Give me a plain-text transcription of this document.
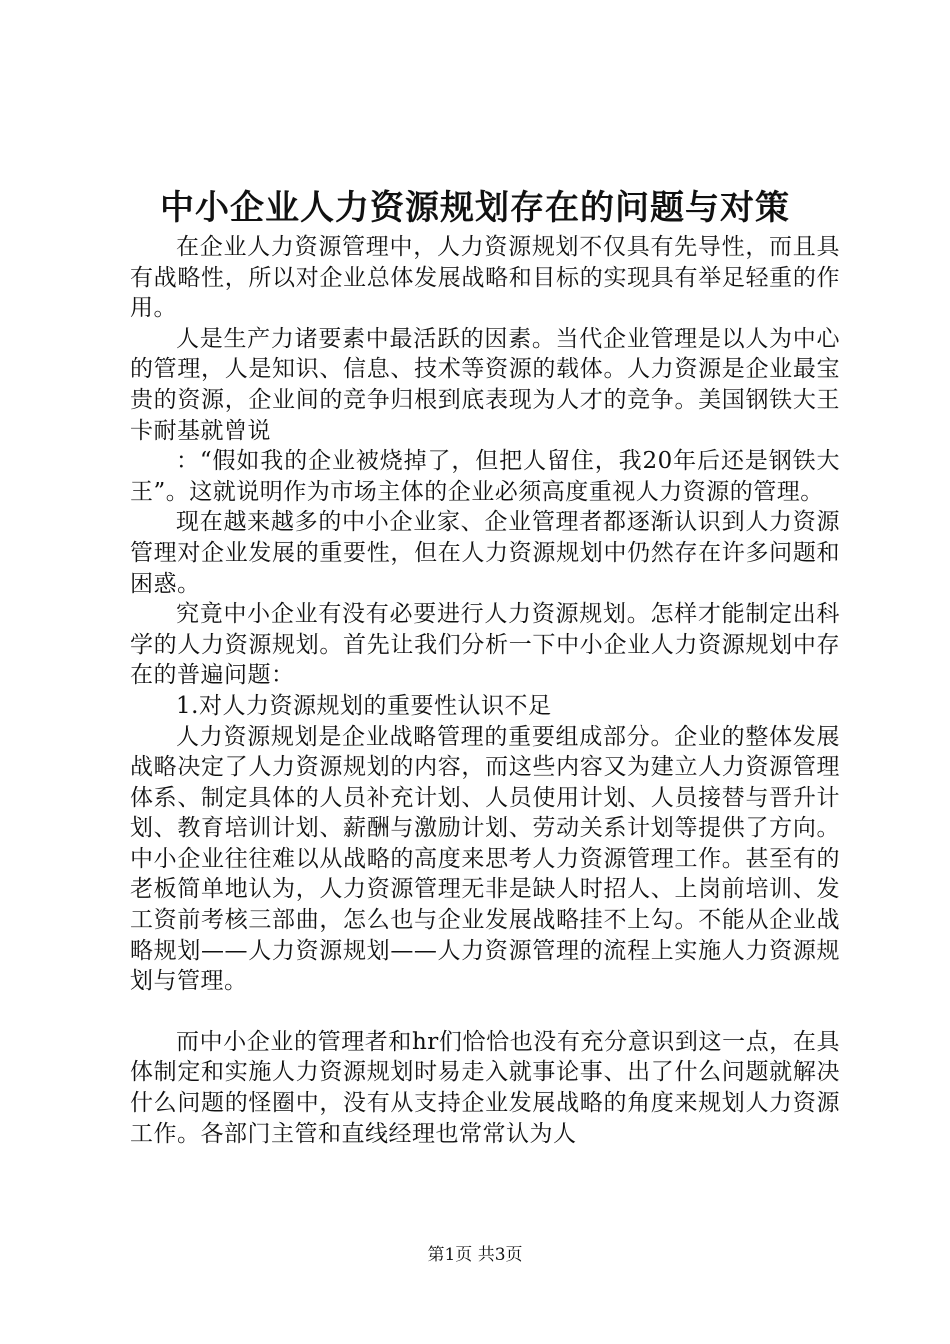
中小企业人力资源规划存在的问题与对策

在企业人力资源管理中，人力资源规划不仅具有先导性，而且具有战略性，所以对企业总体发展战略和目标的实现具有举足轻重的作用。

人是生产力诸要素中最活跃的因素。当代企业管理是以人为中心的管理，人是知识、信息、技术等资源的载体。人力资源是企业最宝贵的资源，企业间的竞争归根到底表现为人才的竞争。美国钢铁大王卡耐基就曾说

：“假如我的企业被烧掉了，但把人留住，我20年后还是钢铁大王”。这就说明作为市场主体的企业必须高度重视人力资源的管理。

现在越来越多的中小企业家、企业管理者都逐渐认识到人力资源管理对企业发展的重要性，但在人力资源规划中仍然存在许多问题和困惑。

究竟中小企业有没有必要进行人力资源规划。怎样才能制定出科学的人力资源规划。首先让我们分析一下中小企业人力资源规划中存在的普遍问题：

1.对人力资源规划的重要性认识不足

人力资源规划是企业战略管理的重要组成部分。企业的整体发展战略决定了人力资源规划的内容，而这些内容又为建立人力资源管理体系、制定具体的人员补充计划、人员使用计划、人员接替与晋升计划、教育培训计划、薪酬与激励计划、劳动关系计划等提供了方向。中小企业往往难以从战略的高度来思考人力资源管理工作。甚至有的老板简单地认为，人力资源管理无非是缺人时招人、上岗前培训、发工资前考核三部曲，怎么也与企业发展战略挂不上勾。不能从企业战略规划——人力资源规划——人力资源管理的流程上实施人力资源规划与管理。

而中小企业的管理者和hr们恰恰也没有充分意识到这一点，在具体制定和实施人力资源规划时易走入就事论事、出了什么问题就解决什么问题的怪圈中，没有从支持企业发展战略的角度来规划人力资源工作。各部门主管和直线经理也常常认为人

第1页 共3页
